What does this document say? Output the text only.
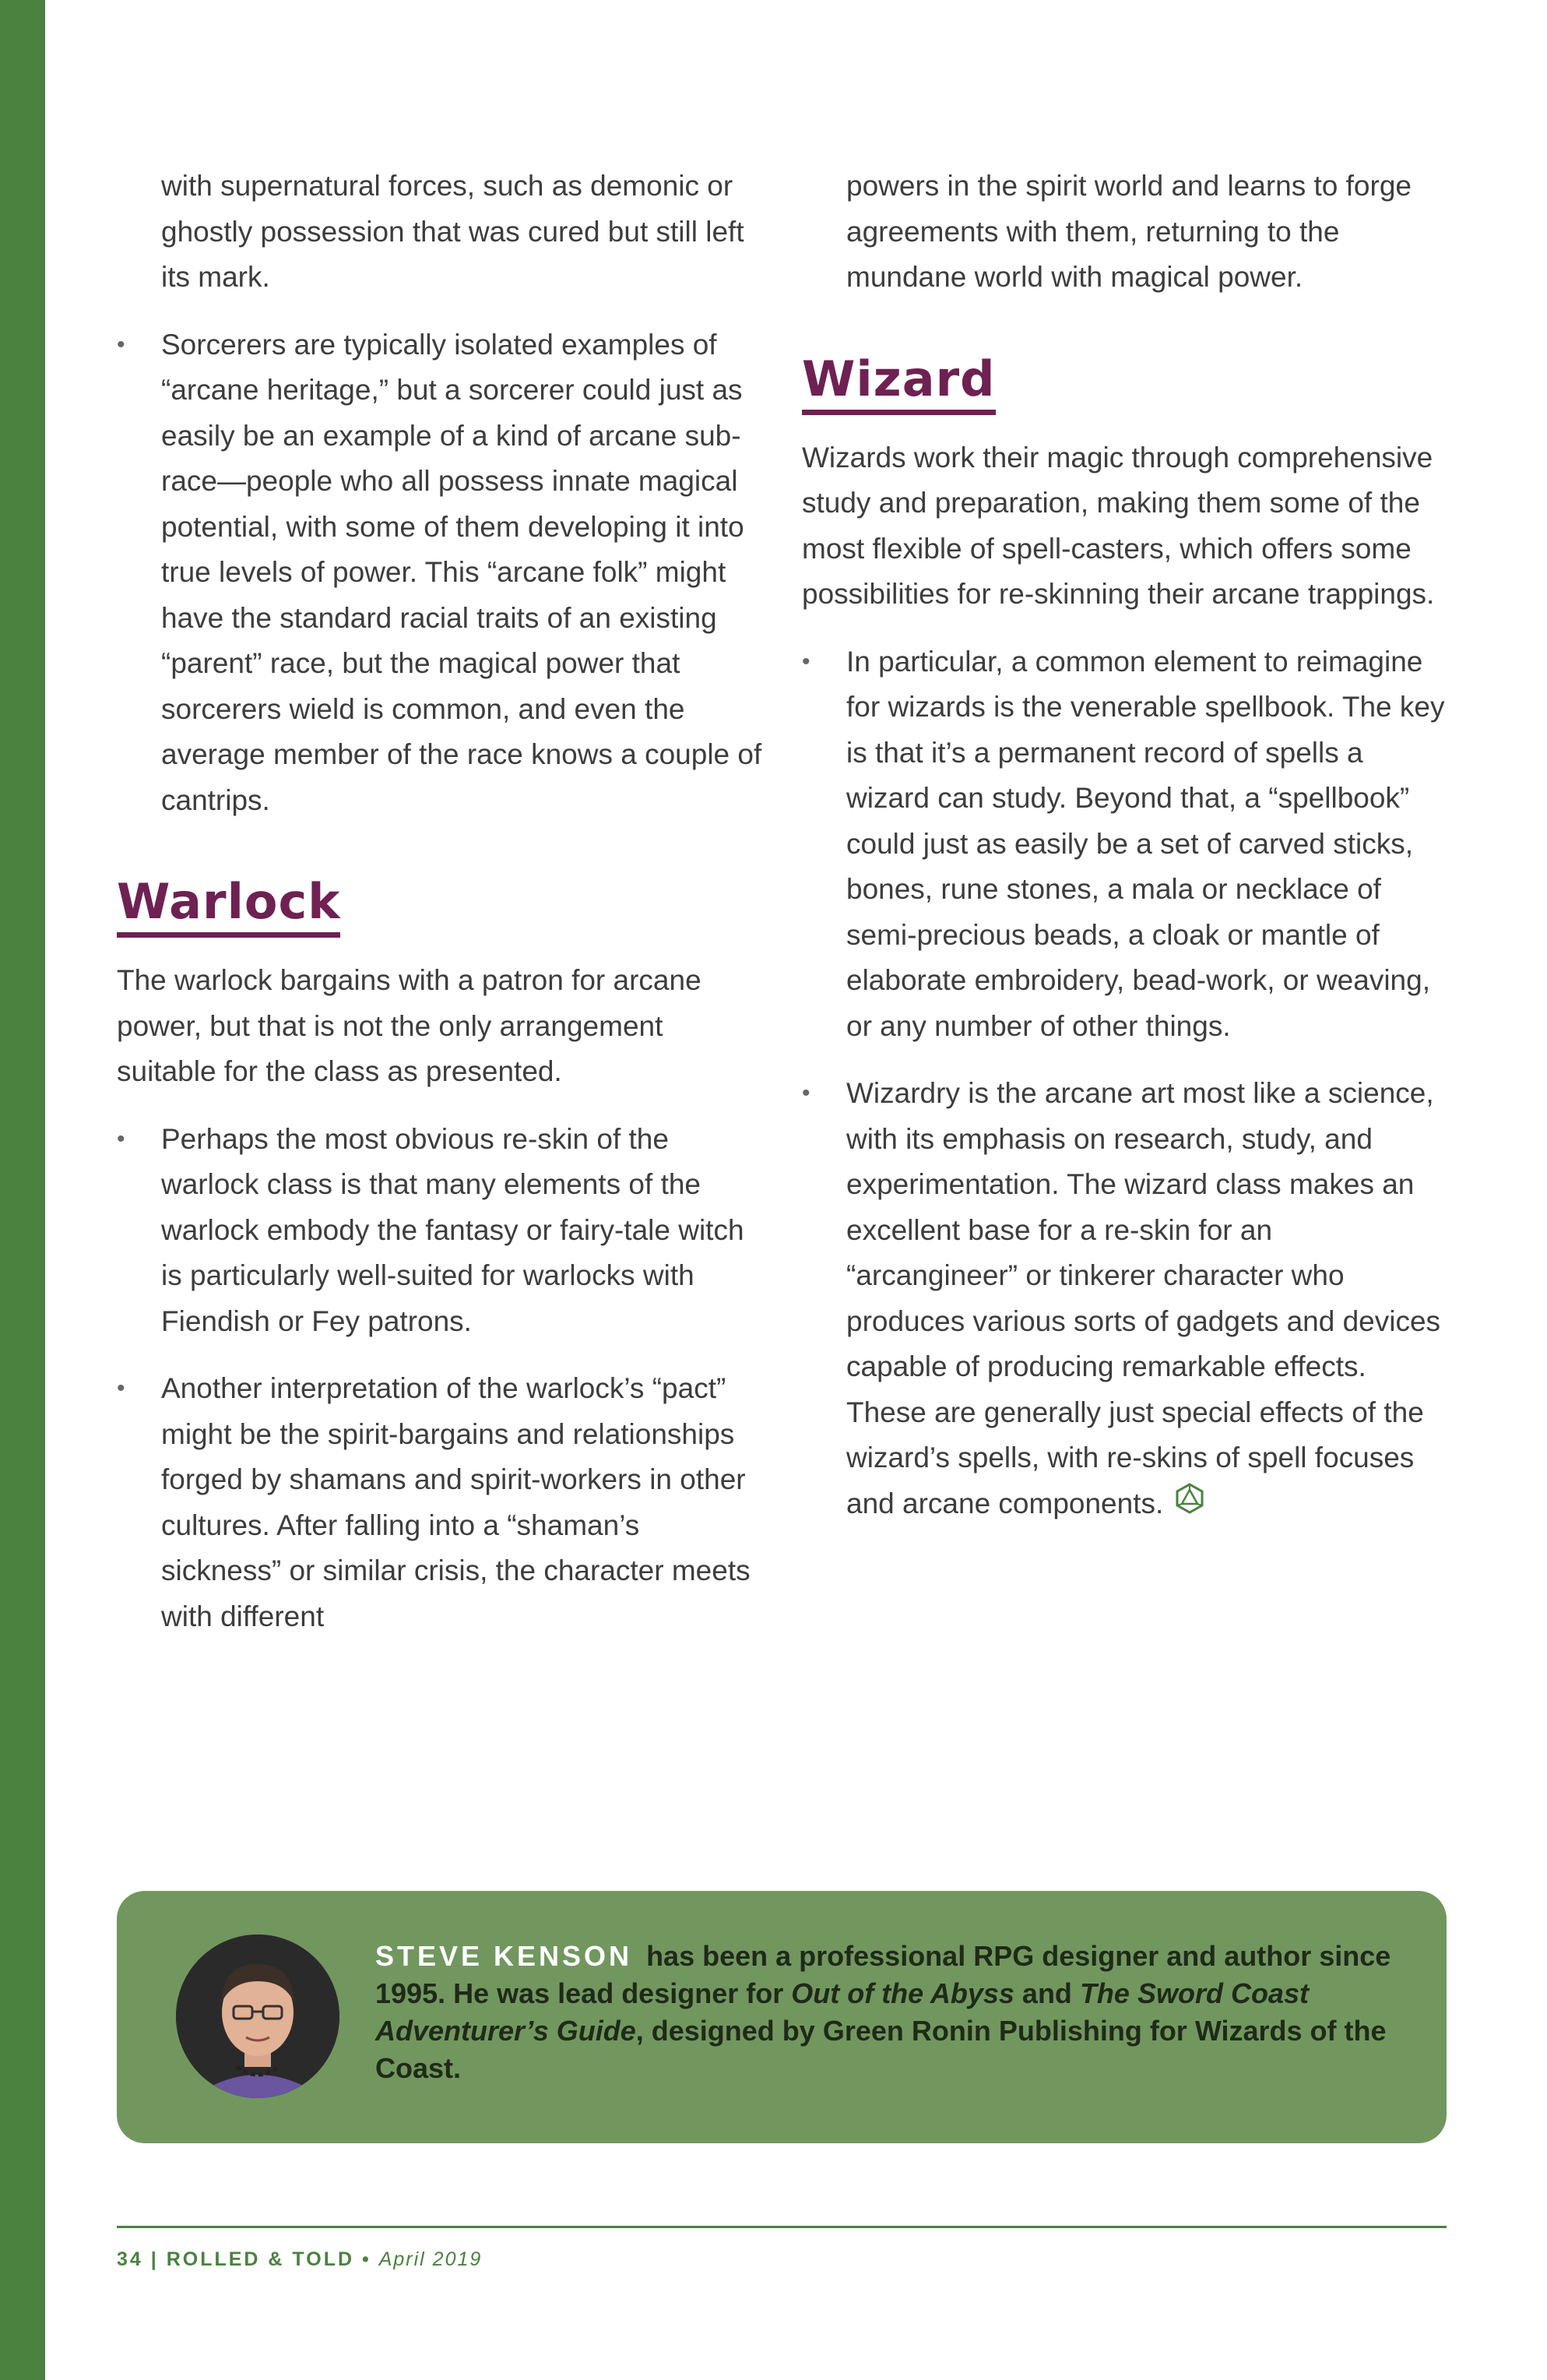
with supernatural forces, such as demonic or ghostly possession that was cured but still left its mark.

• Sorcerers are typically isolated examples of “arcane heritage,” but a sorcerer could just as easily be an example of a kind of arcane sub-race—people who all possess innate magical potential, with some of them developing it into true levels of power. This “arcane folk” might have the standard racial traits of an existing “parent” race, but the magical power that sorcerers wield is common, and even the average member of the race knows a couple of cantrips.

Warlock

The warlock bargains with a patron for arcane power, but that is not the only arrangement suitable for the class as presented.

• Perhaps the most obvious re-skin of the warlock class is that many elements of the warlock embody the fantasy or fairy-tale witch is particularly well-suited for warlocks with Fiendish or Fey patrons.

• Another interpretation of the warlock’s “pact” might be the spirit-bargains and relationships forged by shamans and spirit-workers in other cultures. After falling into a “shaman’s sickness” or similar crisis, the character meets with different

powers in the spirit world and learns to forge agreements with them, returning to the mundane world with magical power.

Wizard

Wizards work their magic through comprehensive study and preparation, making them some of the most flexible of spell-casters, which offers some possibilities for re-skinning their arcane trappings.

• In particular, a common element to reimagine for wizards is the venerable spellbook. The key is that it’s a permanent record of spells a wizard can study. Beyond that, a “spellbook” could just as easily be a set of carved sticks, bones, rune stones, a mala or necklace of semi-precious beads, a cloak or mantle of elaborate embroidery, bead-work, or weaving, or any number of other things.

• Wizardry is the arcane art most like a science, with its emphasis on research, study, and experimentation. The wizard class makes an excellent base for a re-skin for an “arcangineer” or tinkerer character who produces various sorts of gadgets and devices capable of producing remarkable effects. These are generally just special effects of the wizard’s spells, with re-skins of spell focuses and arcane components.

STEVE KENSON has been a professional RPG designer and author since 1995. He was lead designer for Out of the Abyss and The Sword Coast Adventurer’s Guide, designed by Green Ronin Publishing for Wizards of the Coast.

34 | ROLLED & TOLD • April 2019
